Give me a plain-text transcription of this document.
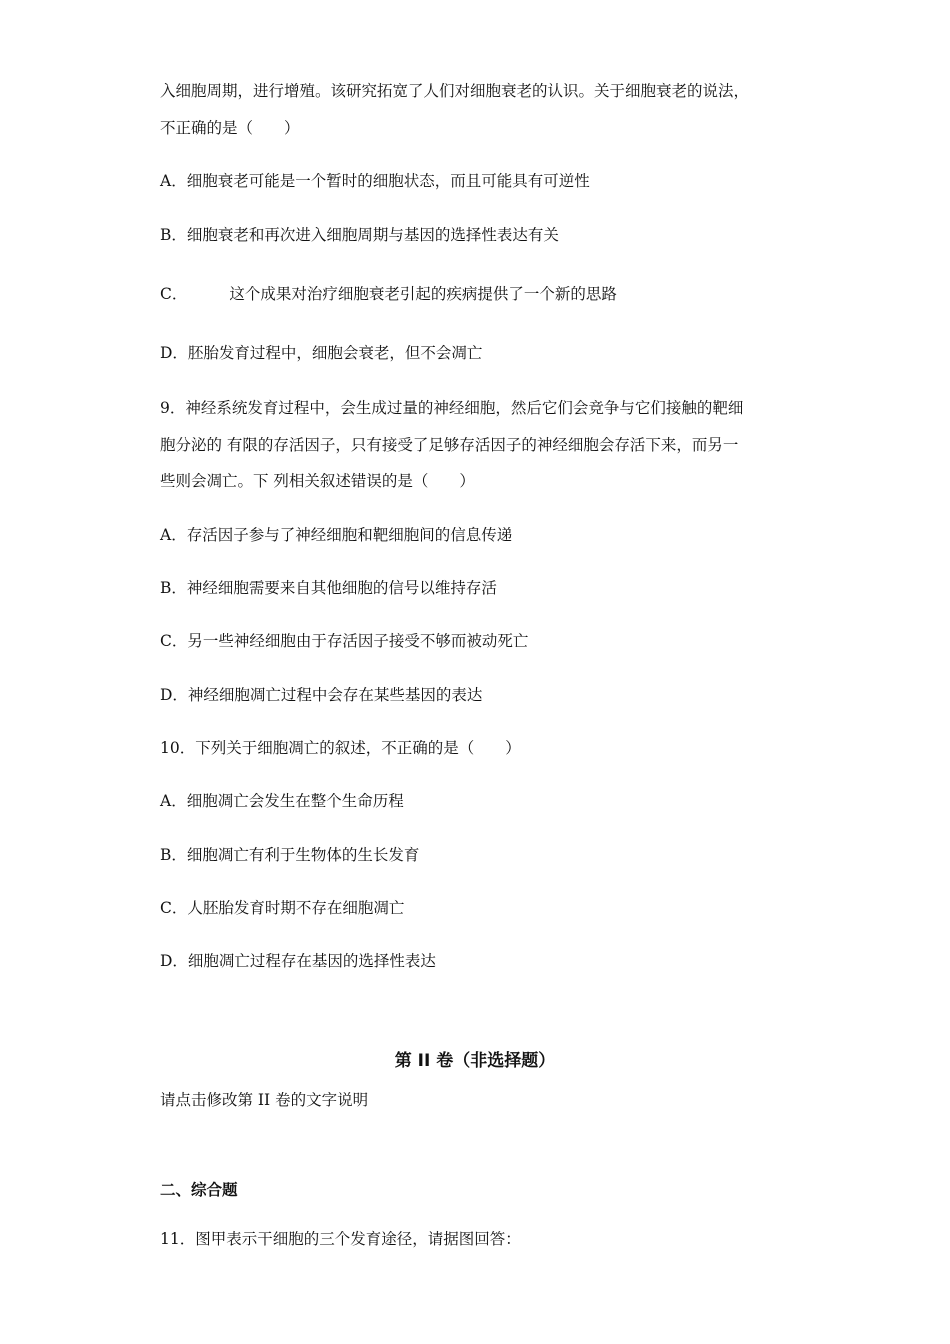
入细胞周期，进行增殖。该研究拓宽了人们对细胞衰老的认识。关于细胞衰老的说法，
不正确的是（　　）
A．细胞衰老可能是一个暂时的细胞状态，而且可能具有可逆性
B．细胞衰老和再次进入细胞周期与基因的选择性表达有关
C．	这个成果对治疗细胞衰老引起的疾病提供了一个新的思路
D．胚胎发育过程中，细胞会衰老，但不会凋亡
9．神经系统发育过程中，会生成过量的神经细胞，然后它们会竞争与它们接触的靶细
胞分泌的 有限的存活因子，只有接受了足够存活因子的神经细胞会存活下来，而另一
些则会凋亡。下 列相关叙述错误的是（　　）
A．存活因子参与了神经细胞和靶细胞间的信息传递
B．神经细胞需要来自其他细胞的信号以维持存活
C．另一些神经细胞由于存活因子接受不够而被动死亡
D．神经细胞凋亡过程中会存在某些基因的表达
10．下列关于细胞凋亡的叙述，不正确的是（　　）
A．细胞凋亡会发生在整个生命历程
B．细胞凋亡有利于生物体的生长发育
C．人胚胎发育时期不存在细胞凋亡
D．细胞凋亡过程存在基因的选择性表达
第 II 卷（非选择题）
请点击修改第 II 卷的文字说明
二、综合题
11．图甲表示干细胞的三个发育途径，请据图回答：
